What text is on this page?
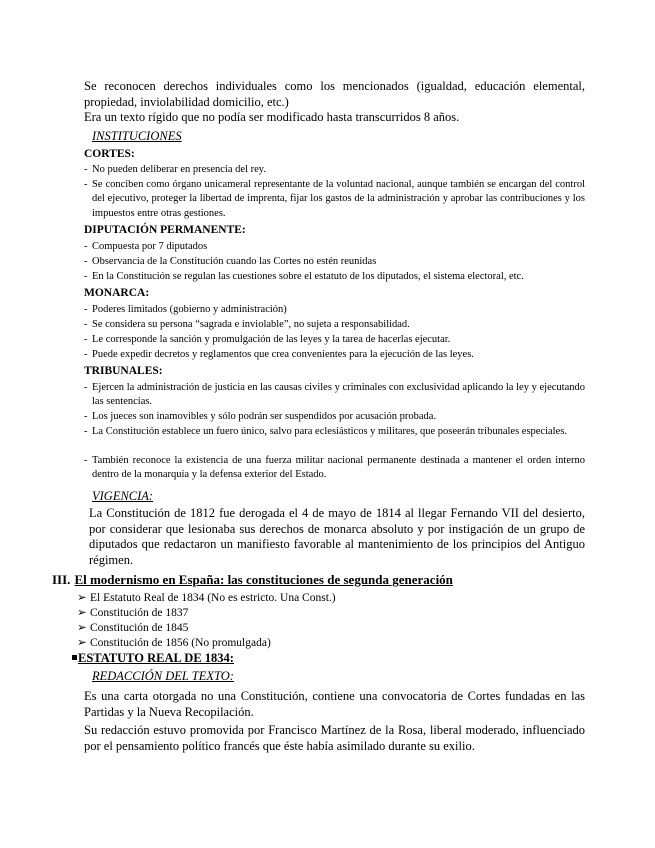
Se reconocen derechos individuales como los mencionados (igualdad, educación elemental, propiedad, inviolabilidad domicilio, etc.)

Era un texto rígido que no podía ser modificado hasta transcurridos 8 años.

INSTITUCIONES

CORTES:

- No pueden deliberar en presencia del rey.
- Se conciben como órgano unicameral representante de la voluntad nacional, aunque también se encargan del control del ejecutivo, proteger la libertad de imprenta, fijar los gastos de la administración y aprobar las contribuciones y los impuestos entre otras gestiones.

DIPUTACIÓN PERMANENTE:

- Compuesta por 7 diputados
- Observancia de la Constitución cuando las Cortes no estén reunidas
- En la Constitución se regulan las cuestiones sobre el estatuto de los diputados, el sistema electoral, etc.

MONARCA:

- Poderes limitados (gobierno y administración)
- Se considera su persona “sagrada e inviolable”, no sujeta a responsabilidad.
- Le corresponde la sanción y promulgación de las leyes y la tarea de hacerlas ejecutar.
- Puede expedir decretos y reglamentos que crea convenientes para la ejecución de las leyes.

TRIBUNALES:

- Ejercen la administración de justicia en las causas civiles y criminales con exclusividad aplicando la ley y ejecutando las sentencias.
- Los jueces son inamovibles y sólo podrán ser suspendidos por acusación probada.
- La Constitución establece un fuero único, salvo para eclesiásticos y militares, que poseerán tribunales especiales.
- También reconoce la existencia de una fuerza militar nacional permanente destinada a mantener el orden interno dentro de la monarquía y la defensa exterior del Estado.

VIGENCIA:

La Constitución de 1812 fue derogada el 4 de mayo de 1814 al llegar Fernando VII del desierto, por considerar que lesionaba sus derechos de monarca absoluto y por instigación de un grupo de diputados que redactaron un manifiesto favorable al mantenimiento de los principios del Antiguo régimen.

III. El modernismo en España: las constituciones de segunda generación

➢ El Estatuto Real de 1834 (No es estricto. Una Const.)

➢ Constitución de 1837

➢ Constitución de 1845

➢ Constitución de 1856 (No promulgada)

ESTATUTO REAL DE 1834:

REDACCIÓN DEL TEXTO:

Es una carta otorgada no una Constitución, contiene una convocatoria de Cortes fundadas en las Partidas y la Nueva Recopilación.

Su redacción estuvo promovida por Francisco Martínez de la Rosa, liberal moderado, influenciado por el pensamiento político francés que éste había asimilado durante su exilio.
